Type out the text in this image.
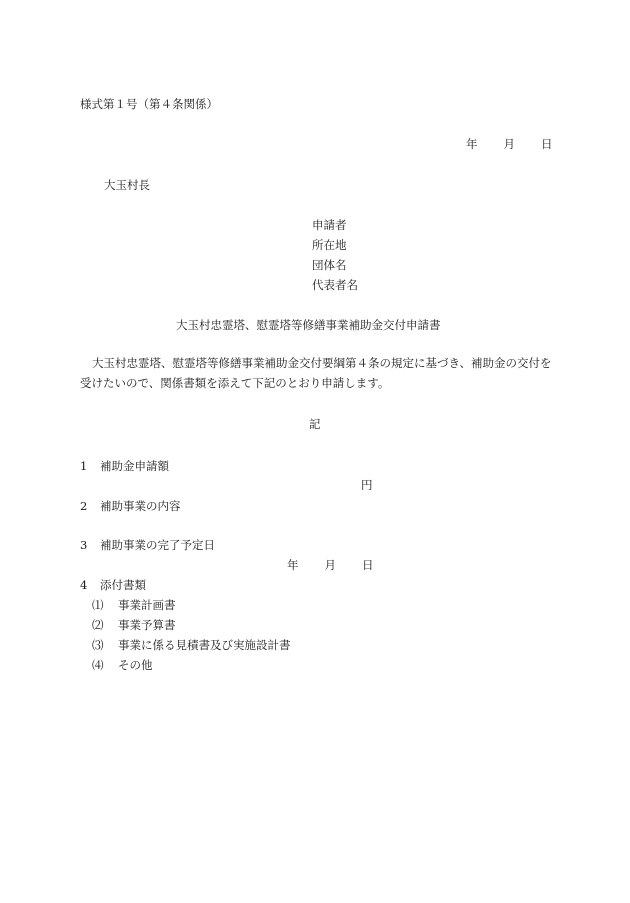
様式第１号（第４条関係）
年 月 日
大玉村長
申請者
所在地
団体名
代表者名
大玉村忠霊塔、慰霊塔等修繕事業補助金交付申請書
大玉村忠霊塔、慰霊塔等修繕事業補助金交付要綱第４条の規定に基づき、補助金の交付を受けたいので、関係書類を添えて下記のとおり申請します。
記
1 補助金申請額
円
2 補助事業の内容
3 補助事業の完了予定日
年 月 日
4 添付書類
⑴ 事業計画書
⑵ 事業予算書
⑶ 事業に係る見積書及び実施設計書
⑷ その他
